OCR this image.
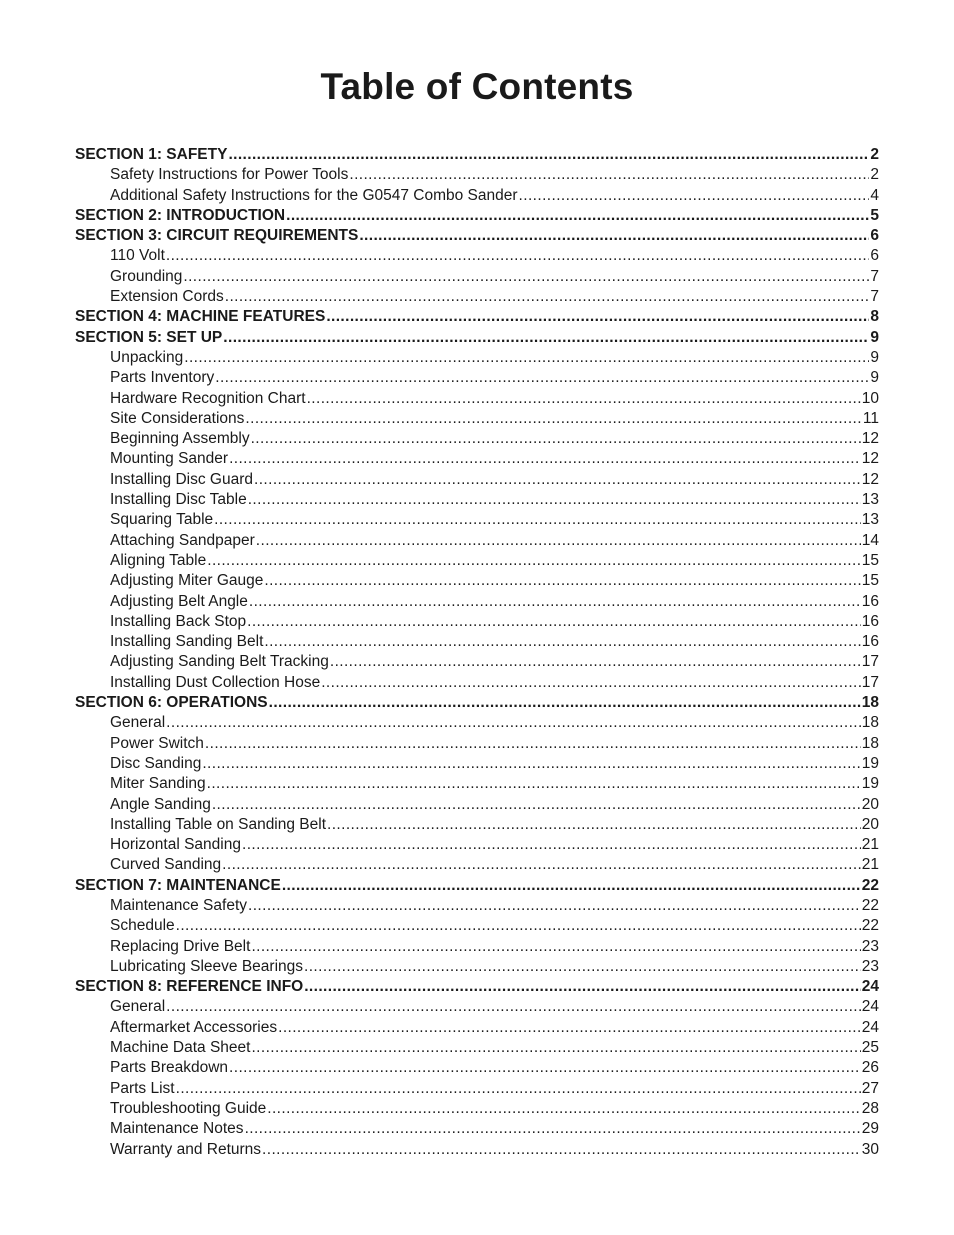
Table of Contents
SECTION 1: SAFETY .....	2
Safety Instructions for Power Tools .....	2
Additional Safety Instructions for the G0547 Combo Sander .....	4
SECTION 2: INTRODUCTION .....	5
SECTION 3: CIRCUIT REQUIREMENTS .....	6
110 Volt .....	6
Grounding .....	7
Extension Cords .....	7
SECTION 4: MACHINE FEATURES .....	8
SECTION 5: SET UP .....	9
Unpacking .....	9
Parts Inventory .....	9
Hardware Recognition Chart .....	10
Site Considerations .....	11
Beginning Assembly .....	12
Mounting Sander .....	12
Installing Disc Guard .....	12
Installing Disc Table .....	13
Squaring Table .....	13
Attaching Sandpaper .....	14
Aligning Table .....	15
Adjusting Miter Gauge .....	15
Adjusting Belt Angle .....	16
Installing Back Stop .....	16
Installing Sanding Belt .....	16
Adjusting Sanding Belt Tracking .....	17
Installing Dust Collection Hose .....	17
SECTION 6: OPERATIONS .....	18
General .....	18
Power Switch .....	18
Disc Sanding .....	19
Miter Sanding .....	19
Angle Sanding .....	20
Installing Table on Sanding Belt .....	20
Horizontal Sanding .....	21
Curved Sanding .....	21
SECTION 7: MAINTENANCE .....	22
Maintenance Safety .....	22
Schedule .....	22
Replacing Drive Belt .....	23
Lubricating Sleeve Bearings .....	23
SECTION 8: REFERENCE INFO .....	24
General .....	24
Aftermarket Accessories .....	24
Machine Data Sheet .....	25
Parts Breakdown .....	26
Parts List .....	27
Troubleshooting Guide .....	28
Maintenance Notes .....	29
Warranty and Returns .....	30
